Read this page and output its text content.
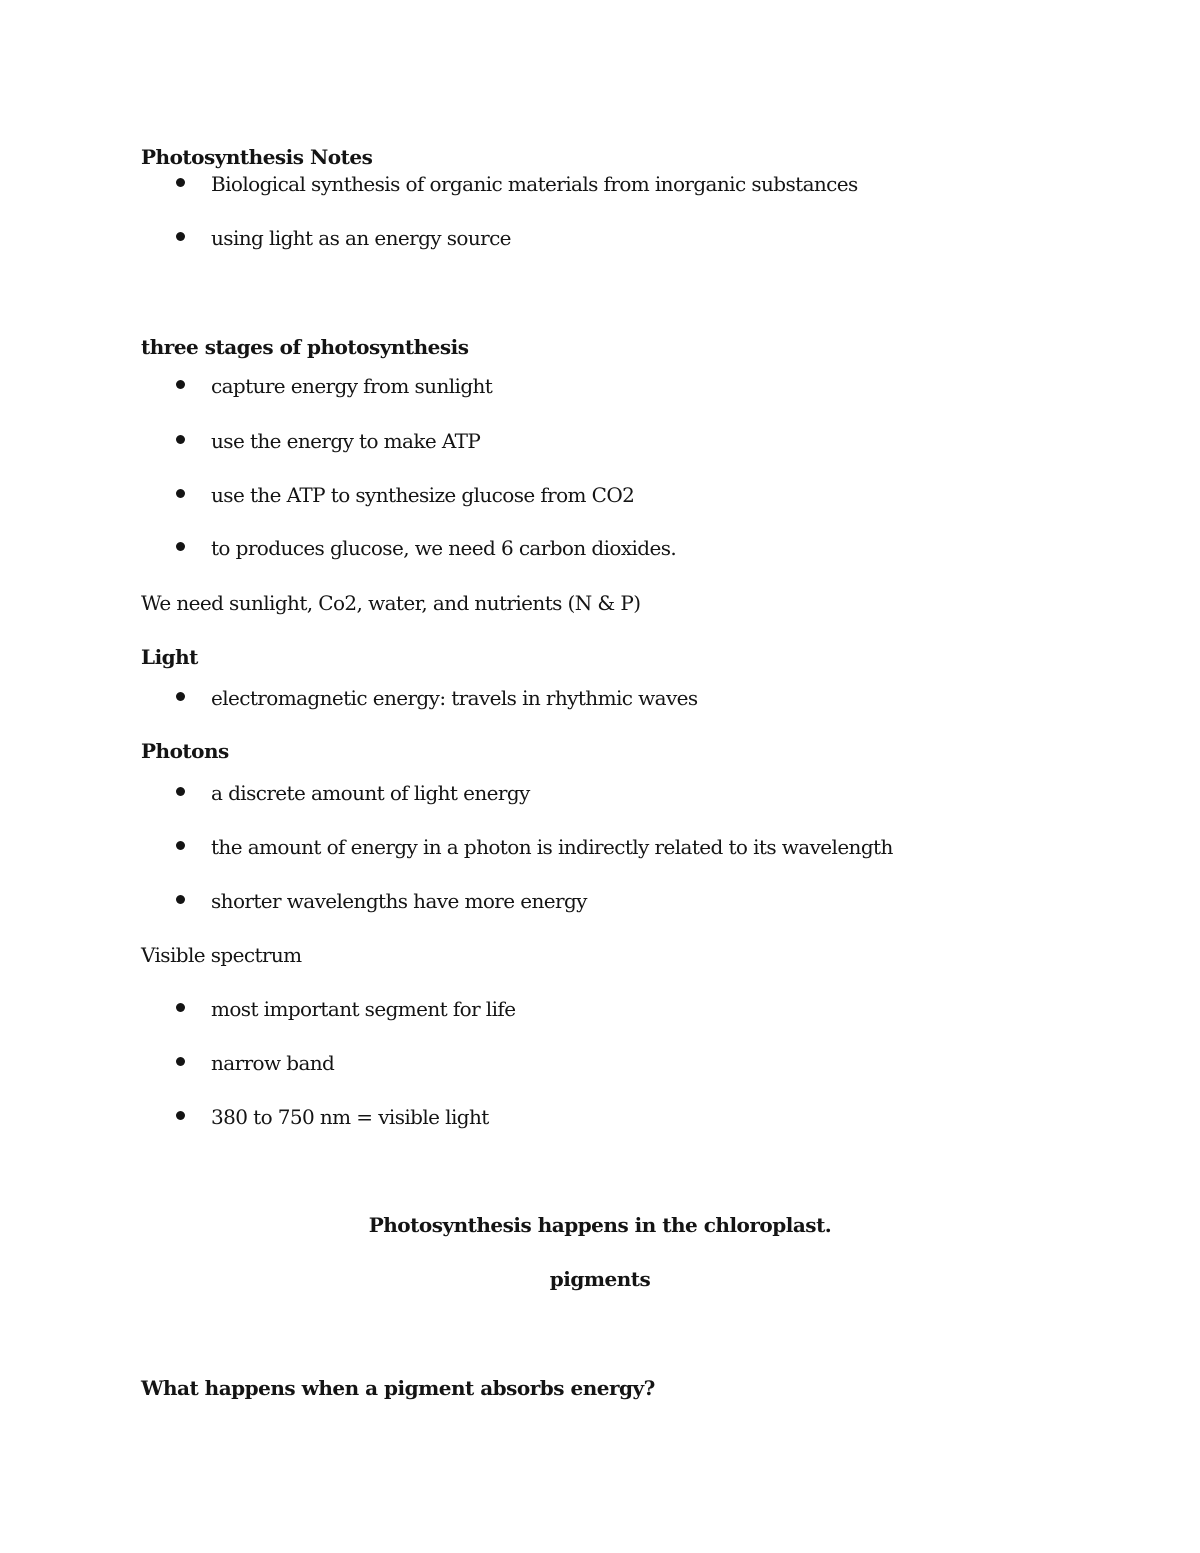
Photosynthesis Notes
Biological synthesis of organic materials from inorganic substances
using light as an energy source
three stages of photosynthesis
capture energy from sunlight
use the energy to make ATP
use the ATP to synthesize glucose from CO2
to produces glucose, we need 6 carbon dioxides.
We need sunlight, Co2, water, and nutrients (N & P)
Light
electromagnetic energy: travels in rhythmic waves
Photons
a discrete amount of light energy
the amount of energy in a photon is indirectly related to its wavelength
shorter wavelengths have more energy
Visible spectrum
most important segment for life
narrow band
380 to 750 nm = visible light
Photosynthesis happens in the chloroplast.
pigments
What happens when a pigment absorbs energy?
